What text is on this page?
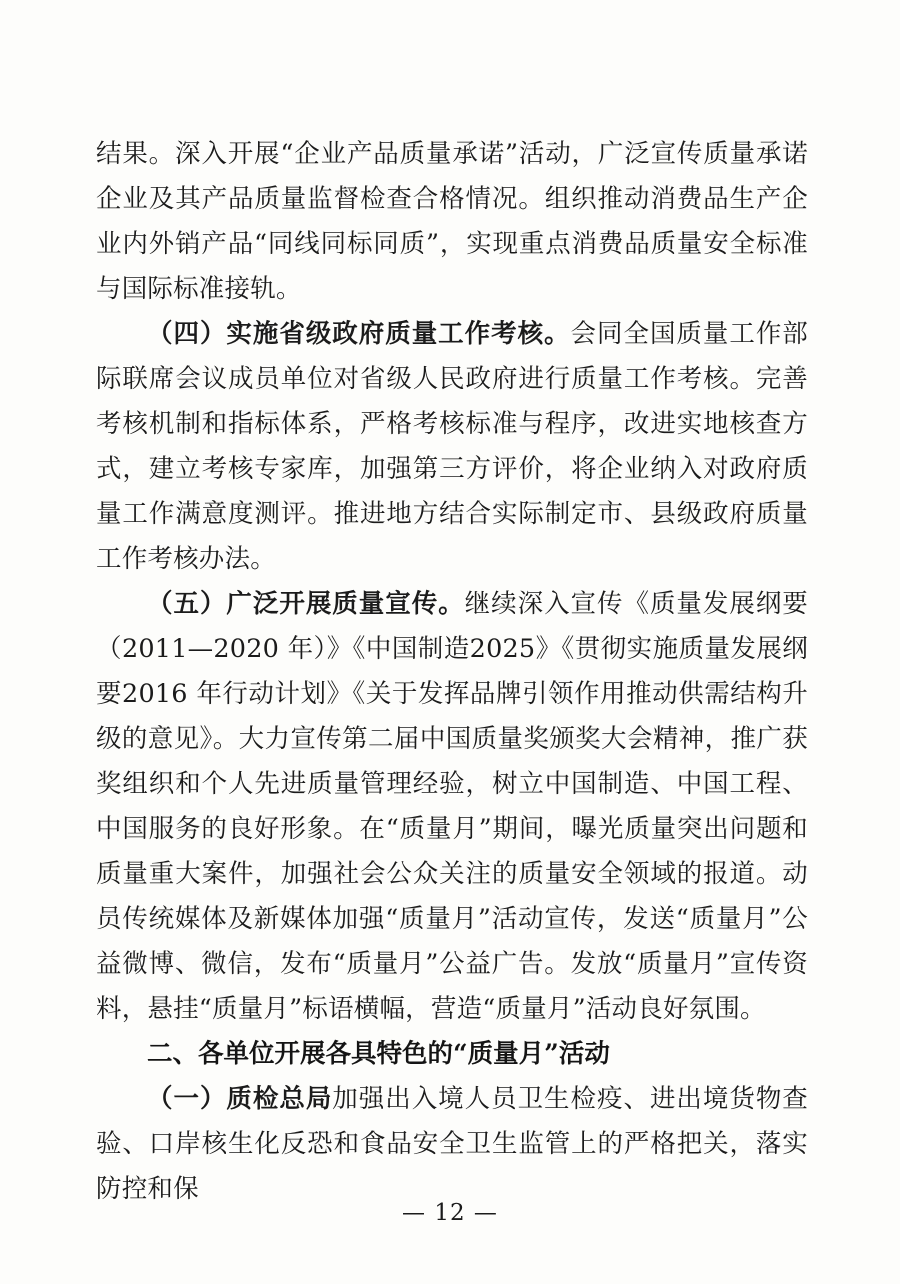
结果。深入开展“企业产品质量承诺”活动，广泛宣传质量承诺企业及其产品质量监督检查合格情况。组织推动消费品生产企业内外销产品“同线同标同质”，实现重点消费品质量安全标准与国际标准接轨。

（四）实施省级政府质量工作考核。会同全国质量工作部际联席会议成员单位对省级人民政府进行质量工作考核。完善考核机制和指标体系，严格考核标准与程序，改进实地核查方式，建立考核专家库，加强第三方评价，将企业纳入对政府质量工作满意度测评。推进地方结合实际制定市、县级政府质量工作考核办法。

（五）广泛开展质量宣传。继续深入宣传《质量发展纲要（2011—2020 年）》《中国制造2025》《贯彻实施质量发展纲要2016 年行动计划》《关于发挥品牌引领作用推动供需结构升级的意见》。大力宣传第二届中国质量奖颁奖大会精神，推广获奖组织和个人先进质量管理经验，树立中国制造、中国工程、中国服务的良好形象。在“质量月”期间，曝光质量突出问题和质量重大案件，加强社会公众关注的质量安全领域的报道。动员传统媒体及新媒体加强“质量月”活动宣传，发送“质量月”公益微博、微信，发布“质量月”公益广告。发放“质量月”宣传资料，悬挂“质量月”标语横幅，营造“质量月”活动良好氛围。

二、各单位开展各具特色的“质量月”活动

（一）质检总局加强出入境人员卫生检疫、进出境货物查验、口岸核生化反恐和食品安全卫生监管上的严格把关，落实防控和保

— 12 —
